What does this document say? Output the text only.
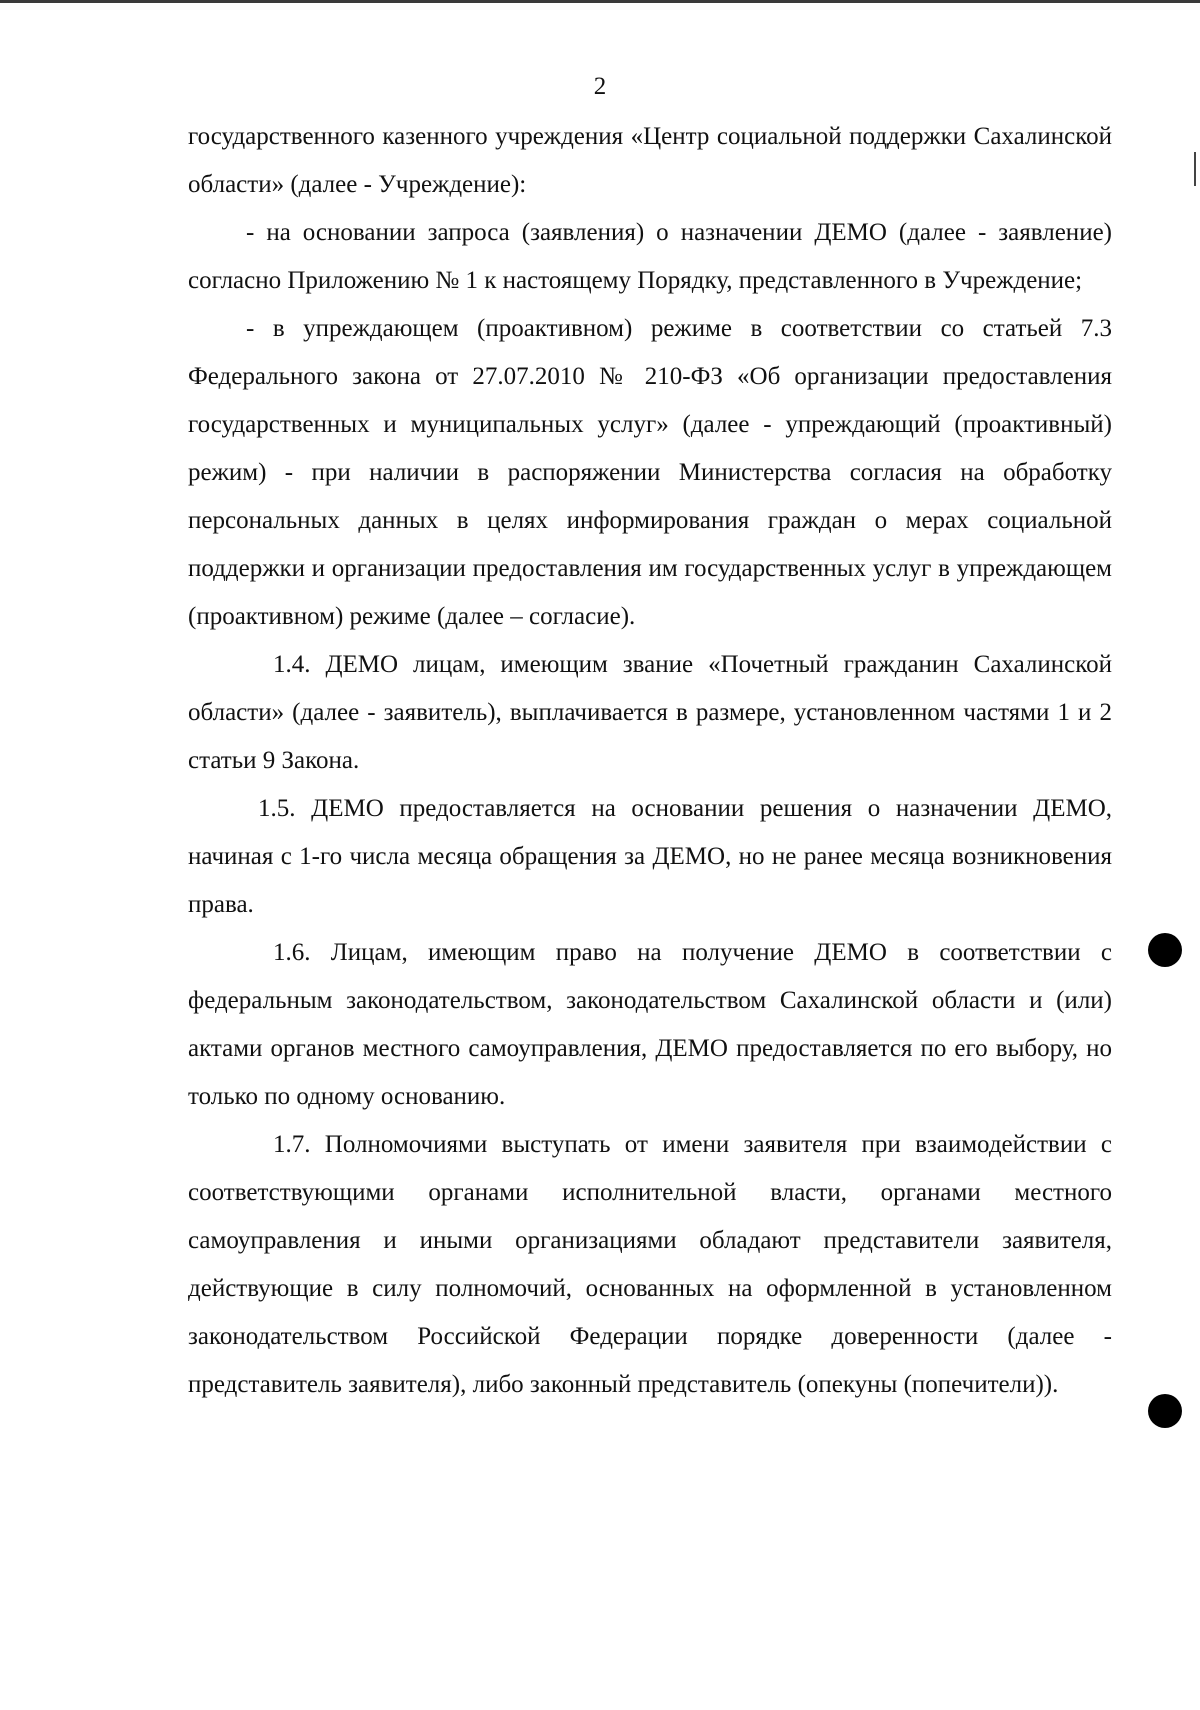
2

государственного казенного учреждения «Центр социальной поддержки Сахалинской области» (далее - Учреждение):

- на основании запроса (заявления) о назначении ДЕМО (далее - заявление) согласно Приложению № 1 к настоящему Порядку, представленного в Учреждение;

- в упреждающем (проактивном) режиме в соответствии со статьей 7.3 Федерального закона от 27.07.2010 № 210-ФЗ «Об организации предоставления государственных и муниципальных услуг» (далее - упреждающий (проактивный) режим) - при наличии в распоряжении Министерства согласия на обработку персональных данных в целях информирования граждан о мерах социальной поддержки и организации предоставления им государственных услуг в упреждающем (проактивном) режиме (далее – согласие).

1.4. ДЕМО лицам, имеющим звание «Почетный гражданин Сахалинской области» (далее - заявитель), выплачивается в размере, установленном частями 1 и 2 статьи 9 Закона.

1.5. ДЕМО предоставляется на основании решения о назначении ДЕМО, начиная с 1-го числа месяца обращения за ДЕМО, но не ранее месяца возникновения права.

1.6. Лицам, имеющим право на получение ДЕМО в соответствии с федеральным законодательством, законодательством Сахалинской области и (или) актами органов местного самоуправления, ДЕМО предоставляется по его выбору, но только по одному основанию.

1.7. Полномочиями выступать от имени заявителя при взаимодействии с соответствующими органами исполнительной власти, органами местного самоуправления и иными организациями обладают представители заявителя, действующие в силу полномочий, основанных на оформленной в установленном законодательством Российской Федерации порядке доверенности (далее - представитель заявителя), либо законный представитель (опекуны (попечители)).
